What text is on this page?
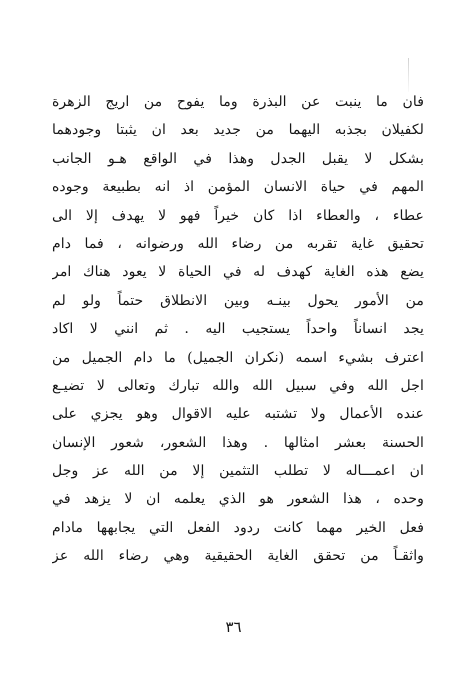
فان ما ينبت عن البذرة وما يفوح من اريج الزهرة
لكفيلان بجذبه اليهما من جديد بعد ان يثبتا وجودهما
بشكل لا يقبل الجدل وهذا في الواقع هـو الجانب
المهم في حياة الانسان المؤمن اذ انه بطبيعة وجوده
عطاء ، والعطاء اذا كان خيراً فهو لا يهدف إلا الى
تحقيق غاية تقربه من رضاء الله ورضوانه ، فما دام
يضع هذه الغاية كهدف له في الحياة لا يعود هناك امر
من الأمور يحول بينـه وبين الانطلاق حتماً ولو لم
يجد انساناً واحداً يستجيب اليه . ثم انني لا اكاد
اعترف بشيء اسمه (نكران الجميل) ما دام الجميل من
اجل الله وفي سبيل الله والله تبارك وتعالى لا تضيـع
عنده الأعمال ولا تشتبه عليه الاقوال وهو يجزي على
الحسنة بعشر امثالها . وهذا الشعور، شعور الإنسان
ان اعمـــاله لا تطلب التثمين إلا من الله عز وجل
وحده ، هذا الشعور هو الذي يعلمه ان لا يزهد في
فعل الخير مهما كانت ردود الفعل التي يجابهها مادام
واثقـاً من تحقق الغاية الحقيقية وهي رضاء الله عز
٣٦
